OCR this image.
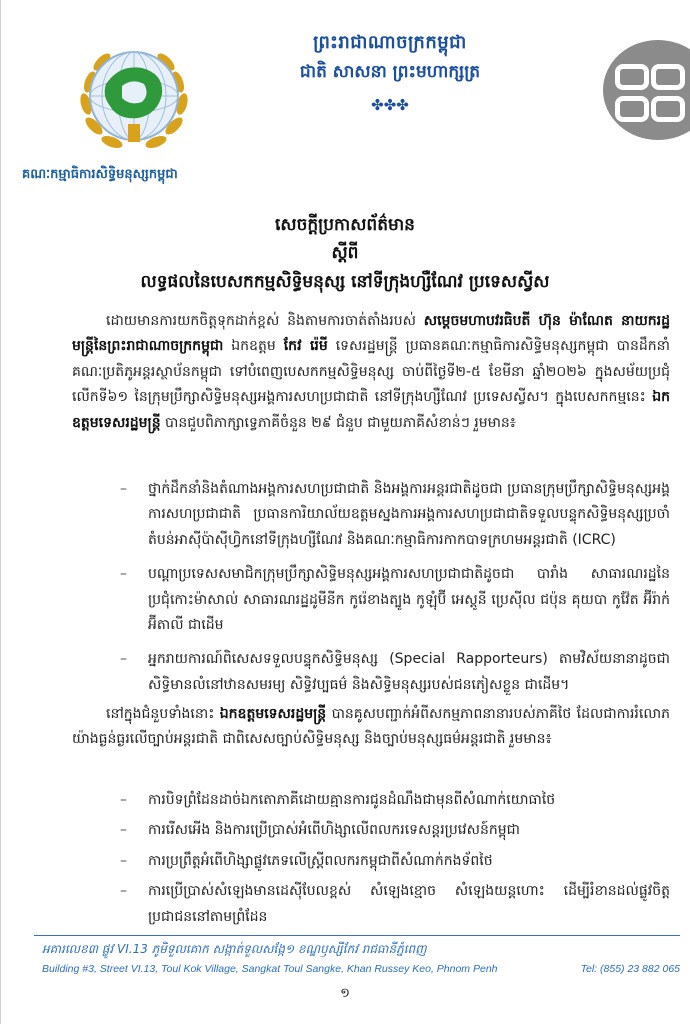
គណៈកម្មាធិការសិទ្ធិមនុស្សកម្ពុជា
ព្រះរាជាណាចក្រកម្ពុជា
ជាតិ សាសនា ព្រះមហាក្សត្រ
✤✤✤
សេចក្តីប្រកាសព័ត៌មាន
ស្តីពី
លទ្ធផលនៃបេសកកម្មសិទ្ធិមនុស្ស នៅទីក្រុងហ្សឺណែវ ប្រទេសស្វីស

ដោយមានការយកចិត្តទុកដាក់ខ្ពស់ និងតាមការចាត់តាំងរបស់ សម្តេចមហាបវរធិបតី ហ៊ុន ម៉ាណែត នាយករដ្ឋមន្ត្រីនៃព្រះរាជាណាចក្រកម្ពុជា ឯកឧត្តម កែវ រ៉េមី ទេសរដ្ឋមន្ត្រី ប្រធានគណៈកម្មាធិការសិទ្ធិមនុស្សកម្ពុជា បានដឹកនាំគណៈប្រតិភូអន្តរស្ថាប័នកម្ពុជា ទៅបំពេញបេសកកម្មសិទ្ធិមនុស្ស ចាប់ពីថ្ងៃទី២-៥ ខែមីនា ឆ្នាំ២០២៦ ក្នុងសម័យប្រជុំលើកទី៦១ នៃក្រុមប្រឹក្សាសិទ្ធិមនុស្សអង្គការសហប្រជាជាតិ នៅទីក្រុងហ្សឺណែវ ប្រទេសស្វីស។ ក្នុងបេសកកម្មនេះ ឯកឧត្តមទេសរដ្ឋមន្ត្រី បានជួបពិភាក្សាទ្វេភាគីចំនួន ២៩ ជំនួប ជាមួយភាគីសំខាន់ៗ រួមមាន៖

– ថ្នាក់ដឹកនាំនិងតំណាងអង្គការសហប្រជាជាតិ និងអង្គការអន្តរជាតិដូចជា ប្រធានក្រុមប្រឹក្សាសិទ្ធិមនុស្សអង្គការសហប្រជាជាតិ ប្រធានការិយាល័យឧត្តមស្នងការអង្គការសហប្រជាជាតិទទួលបន្ទុកសិទ្ធិមនុស្សប្រចាំតំបន់អាស៊ីប៉ាស៊ីហ្វិកនៅទីក្រុងហ្សឺណែវ និងគណៈកម្មាធិការកាកបាទក្រហមអន្តរជាតិ (ICRC)
– បណ្តាប្រទេសសមាជិកក្រុមប្រឹក្សាសិទ្ធិមនុស្សអង្គការសហប្រជាជាតិដូចជា បារាំង សាធារណរដ្ឋនៃប្រជុំកោះម៉ាសាល់ សាធារណរដ្ឋដូមីនីក កូរ៉េខាងត្បូង កូឡុំប៊ី អេស្តូនី ប្រេស៊ីល ជប៉ុន គុយបា កូវ៉ែត អ៊ីរ៉ាក់ អ៊ីតាលី ជាដើម
– អ្នករាយការណ៍ពិសេសទទួលបន្ទុកសិទ្ធិមនុស្ស (Special Rapporteurs) តាមវិស័យនានាដូចជា សិទ្ធិមានលំនៅឋានសមរម្យ សិទ្ធិវប្បធម៌ និងសិទ្ធិមនុស្សរបស់ជនភៀសខ្លួន ជាដើម។
នៅក្នុងជំនួបទាំងនោះ ឯកឧត្តមទេសរដ្ឋមន្ត្រី បានគូសបញ្ជាក់អំពីសកម្មភាពនានារបស់ភាគីថៃ ដែលជាការរំលោភយ៉ាងធ្ងន់ធ្ងរលើច្បាប់អន្តរជាតិ ជាពិសេសច្បាប់សិទ្ធិមនុស្ស និងច្បាប់មនុស្សធម៌អន្តរជាតិ រួមមាន៖
– ការបិទព្រំដែនដាច់ឯកតោភាគីដោយគ្មានការជូនដំណឹងជាមុនពីសំណាក់យោធាថៃ
– ការរើសអើង និងការប្រើប្រាស់អំពើហិង្សាលើពលករទេសន្តរប្រវេសន៍កម្ពុជា
– ការប្រព្រឹត្តអំពើហិង្សាផ្លូវភេទលើស្ត្រីពលករកម្ពុជាពីសំណាក់កងទ័ពថៃ
– ការប្រើប្រាស់សំឡេងមានដេស៊ីបែលខ្ពស់ សំឡេងខ្មោច សំឡេងយន្តហោះ ដើម្បីរំខានដល់ផ្លូវចិត្តប្រជាជននៅតាមព្រំដែន
អគារលេខ៣ ផ្លូវ VI.13 ភូមិទួលគោក សង្កាត់ទួលសង្កែ១ ខណ្ឌឫស្សីកែវ រាជធានីភ្នំពេញ
Building #3, Street VI.13, Toul Kok Village, Sangkat Toul Sangke, Khan Russey Keo, Phnom Penh	Tel: (855) 23 882 065
១
